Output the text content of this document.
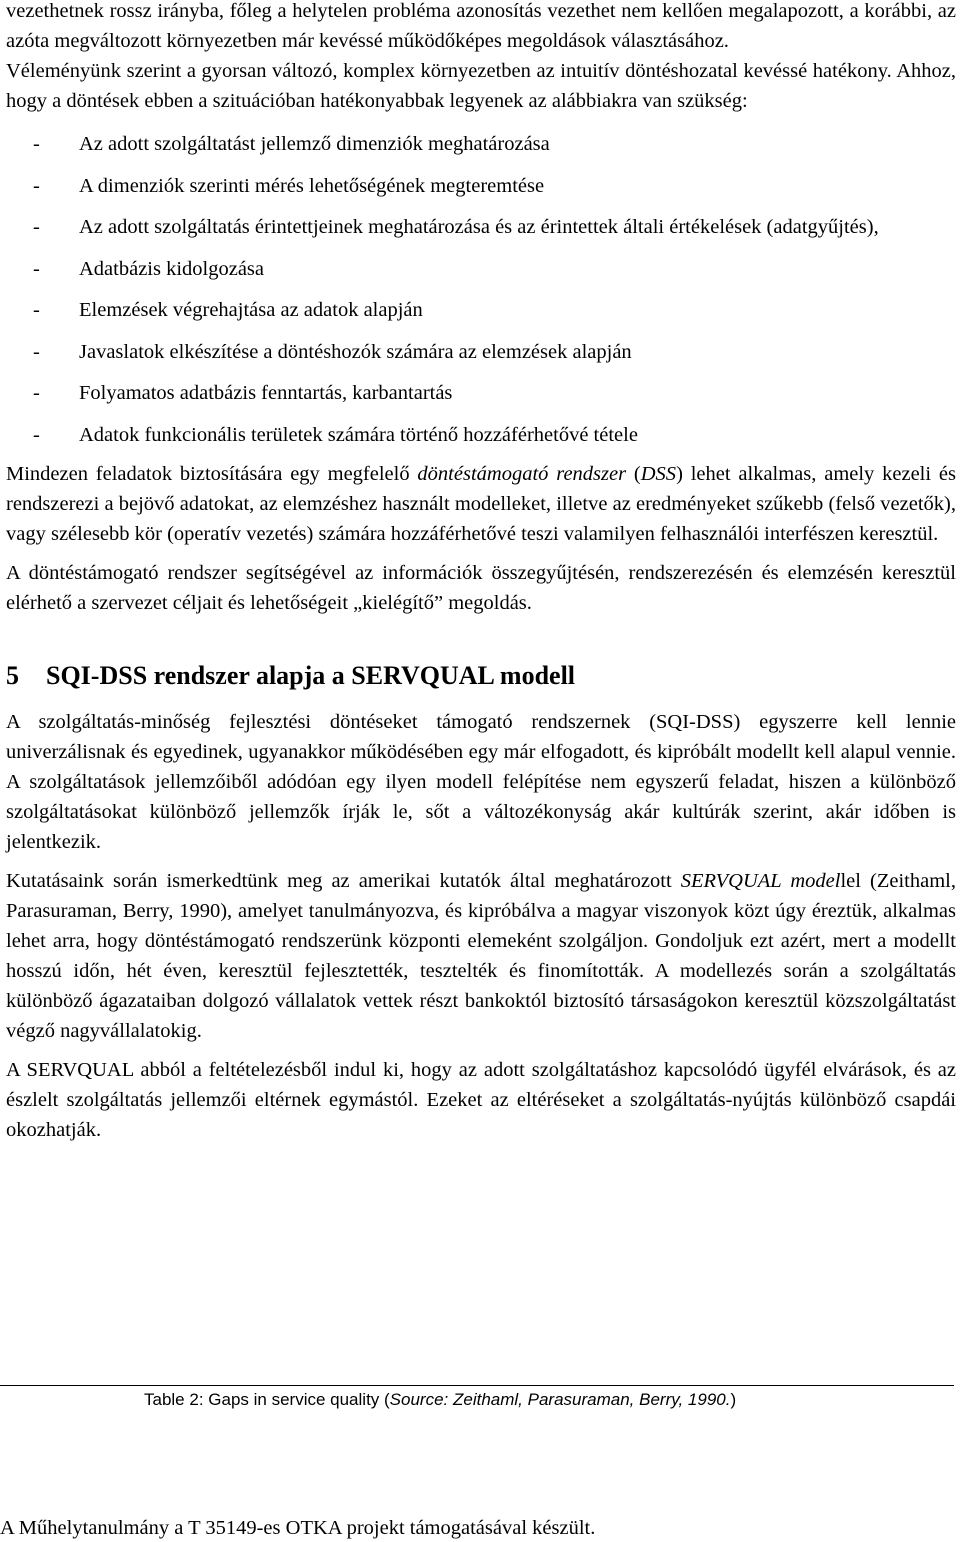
vezethetnek rossz irányba, főleg a helytelen probléma azonosítás vezethet nem kellően megalapozott, a korábbi, az azóta megváltozott környezetben már kevéssé működőképes megoldások választásához.

Véleményünk szerint a gyorsan változó, komplex környezetben az intuitív döntéshozatal kevéssé hatékony. Ahhoz, hogy a döntések ebben a szituációban hatékonyabbak legyenek az alábbiakra van szükség:

- Az adott szolgáltatást jellemző dimenziók meghatározása
- A dimenziók szerinti mérés lehetőségének megteremtése
- Az adott szolgáltatás érintettjeinek meghatározása és az érintettek általi értékelések (adatgyűjtés),
- Adatbázis kidolgozása
- Elemzések végrehajtása az adatok alapján
- Javaslatok elkészítése a döntéshozók számára az elemzések alapján
- Folyamatos adatbázis fenntartás, karbantartás
- Adatok funkcionális területek számára történő hozzáférhetővé tétele

Mindezen feladatok biztosítására egy megfelelő döntéstámogató rendszer (DSS) lehet alkalmas, amely kezeli és rendszerezi a bejövő adatokat, az elemzéshez használt modelleket, illetve az eredményeket szűkebb (felső vezetők), vagy szélesebb kör (operatív vezetés) számára hozzáférhetővé teszi valamilyen felhasználói interfészen keresztül.

A döntéstámogató rendszer segítségével az információk összegyűjtésén, rendszerezésén és elemzésén keresztül elérhető a szervezet céljait és lehetőségeit „kielégítő” megoldás.

5 SQI-DSS rendszer alapja a SERVQUAL modell

A szolgáltatás-minőség fejlesztési döntéseket támogató rendszernek (SQI-DSS) egyszerre kell lennie univerzálisnak és egyedinek, ugyanakkor működésében egy már elfogadott, és kipróbált modellt kell alapul vennie. A szolgáltatások jellemzőiből adódóan egy ilyen modell felépítése nem egyszerű feladat, hiszen a különböző szolgáltatásokat különböző jellemzők írják le, sőt a változékonyság akár kultúrák szerint, akár időben is jelentkezik.

Kutatásaink során ismerkedtünk meg az amerikai kutatók által meghatározott SERVQUAL modellel (Zeithaml, Parasuraman, Berry, 1990), amelyet tanulmányozva, és kipróbálva a magyar viszonyok közt úgy éreztük, alkalmas lehet arra, hogy döntéstámogató rendszerünk központi elemeként szolgáljon. Gondoljuk ezt azért, mert a modellt hosszú időn, hét éven, keresztül fejlesztették, tesztelték és finomították. A modellezés során a szolgáltatás különböző ágazataiban dolgozó vállalatok vettek részt bankoktól biztosító társaságokon keresztül közszolgáltatást végző nagyvállalatokig.

A SERVQUAL abból a feltételezésből indul ki, hogy az adott szolgáltatáshoz kapcsolódó ügyfél elvárások, és az észlelt szolgáltatás jellemzői eltérnek egymástól. Ezeket az eltéréseket a szolgáltatás-nyújtás különböző csapdái okozhatják.

Table 2: Gaps in service quality (Source: Zeithaml, Parasuraman, Berry, 1990.)
A Műhelytanulmány a T 35149-es OTKA projekt támogatásával készült.
